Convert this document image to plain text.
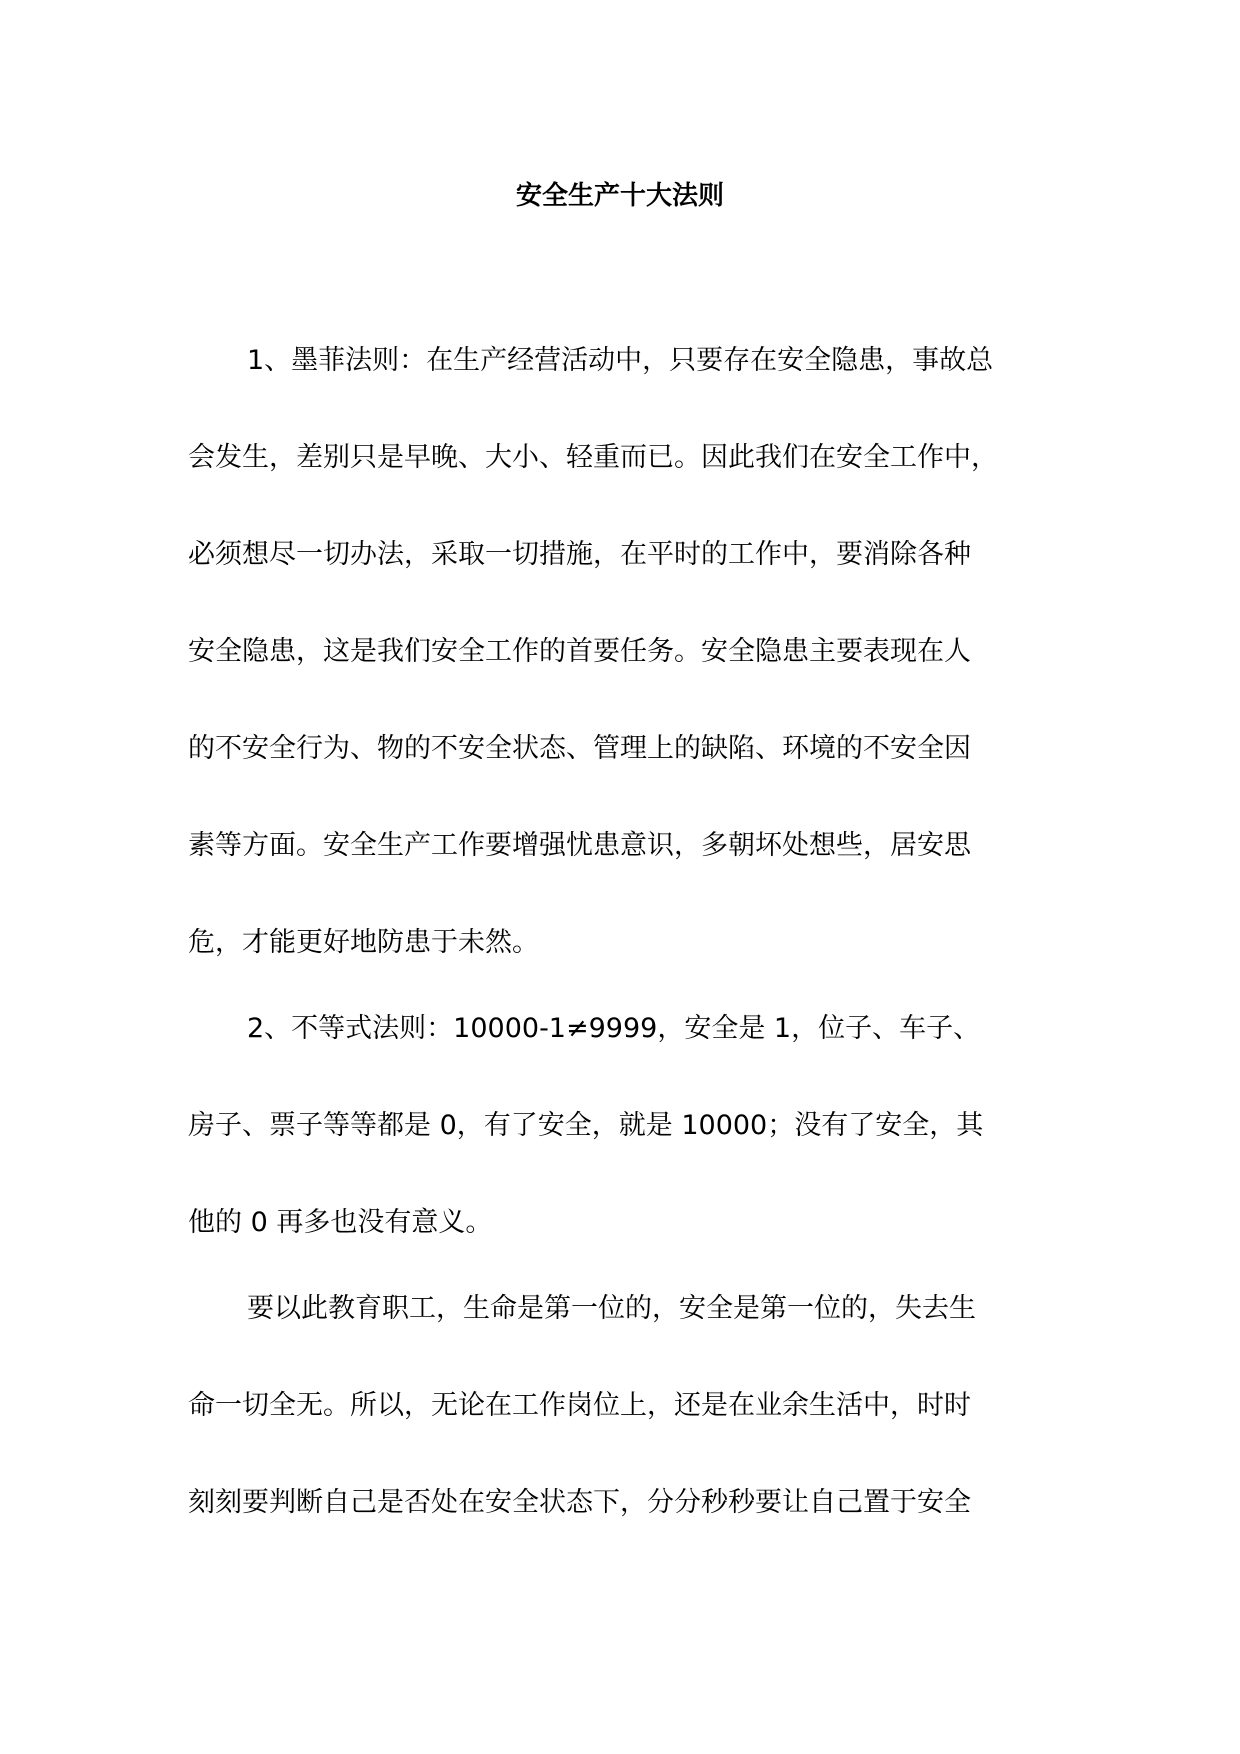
安全生产十大法则

1、墨菲法则：在生产经营活动中，只要存在安全隐患，事故总

会发生，差别只是早晚、大小、轻重而已。因此我们在安全工作中，

必须想尽一切办法，采取一切措施，在平时的工作中，要消除各种

安全隐患，这是我们安全工作的首要任务。安全隐患主要表现在人

的不安全行为、物的不安全状态、管理上的缺陷、环境的不安全因

素等方面。安全生产工作要增强忧患意识，多朝坏处想些，居安思

危，才能更好地防患于未然。

2、不等式法则：10000-1≠9999，安全是 1，位子、车子、

房子、票子等等都是 0，有了安全，就是 10000；没有了安全，其

他的 0 再多也没有意义。

要以此教育职工，生命是第一位的，安全是第一位的，失去生

命一切全无。所以，无论在工作岗位上，还是在业余生活中，时时

刻刻要判断自己是否处在安全状态下，分分秒秒要让自己置于安全
